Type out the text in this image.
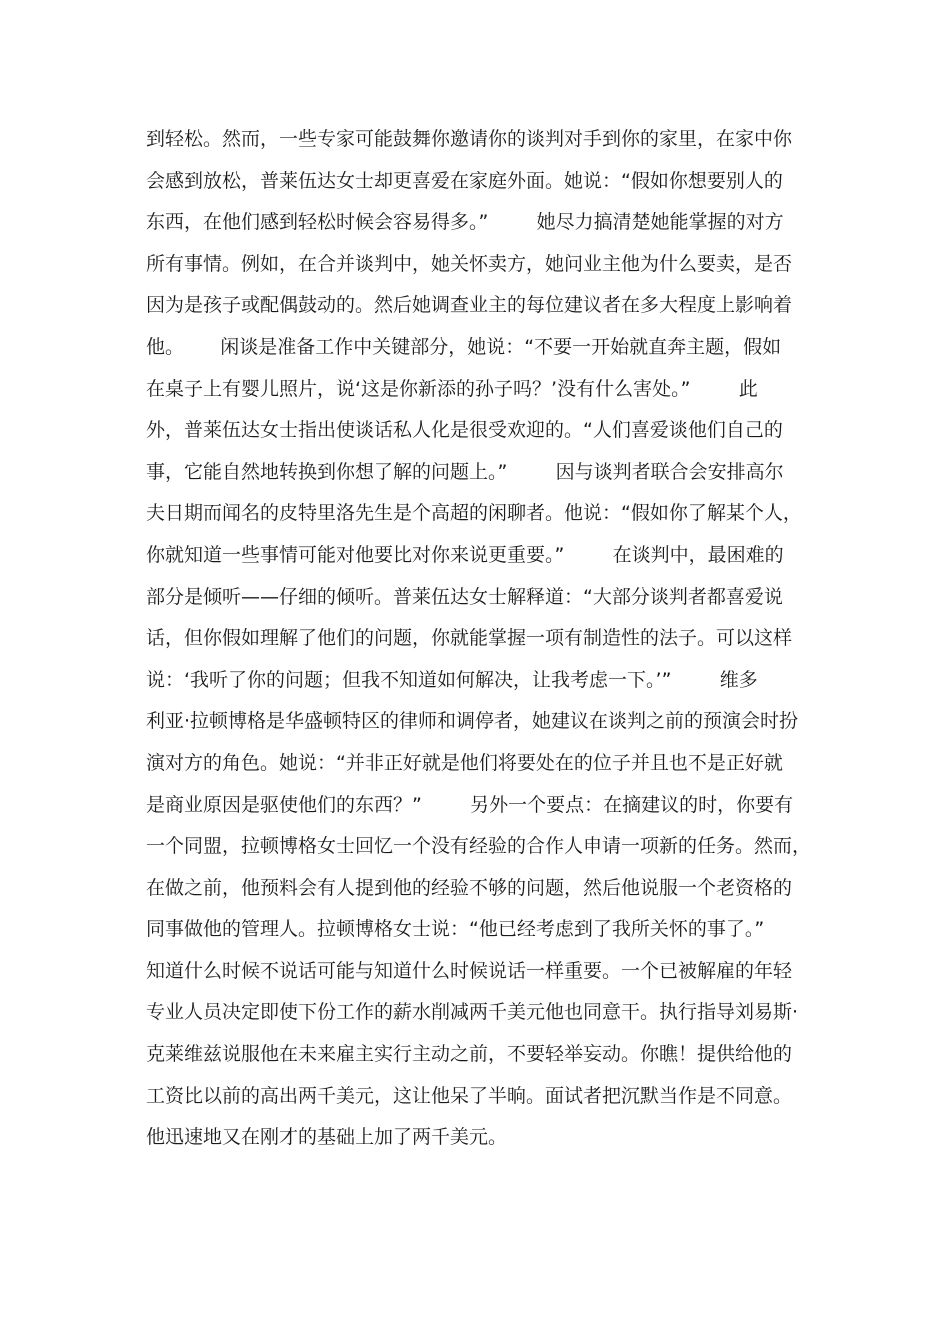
到轻松。然而，一些专家可能鼓舞你邀请你的谈判对手到你的家里，在家中你
会感到放松，普莱伍达女士却更喜爱在家庭外面。她说：“假如你想要别人的
东西，在他们感到轻松时候会容易得多。”        她尽力搞清楚她能掌握的对方
所有事情。例如，在合并谈判中，她关怀卖方，她问业主他为什么要卖，是否
因为是孩子或配偶鼓动的。然后她调查业主的每位建议者在多大程度上影响着
他。      闲谈是准备工作中关键部分，她说：“不要一开始就直奔主题，假如
在桌子上有婴儿照片，说‘这是你新添的孙子吗？’没有什么害处。”        此
外，普莱伍达女士指出使谈话私人化是很受欢迎的。“人们喜爱谈他们自己的
事，它能自然地转换到你想了解的问题上。”        因与谈判者联合会安排高尔
夫日期而闻名的皮特里洛先生是个高超的闲聊者。他说：“假如你了解某个人，
你就知道一些事情可能对他要比对你来说更重要。”        在谈判中，最困难的
部分是倾听——仔细的倾听。普莱伍达女士解释道：“大部分谈判者都喜爱说
话，但你假如理解了他们的问题，你就能掌握一项有制造性的法子。可以这样
说：‘我听了你的问题；但我不知道如何解决，让我考虑一下。’”        维多
利亚·拉顿博格是华盛顿特区的律师和调停者，她建议在谈判之前的预演会时扮
演对方的角色。她说：“并非正好就是他们将要处在的位子并且也不是正好就
是商业原因是驱使他们的东西？”        另外一个要点：在摘建议的时，你要有
一个同盟，拉顿博格女士回忆一个没有经验的合作人申请一项新的任务。然而，
在做之前，他预料会有人提到他的经验不够的问题，然后他说服一个老资格的
同事做他的管理人。拉顿博格女士说：“他已经考虑到了我所关怀的事了。”
知道什么时候不说话可能与知道什么时候说话一样重要。一个已被解雇的年轻
专业人员决定即使下份工作的薪水削减两千美元他也同意干。执行指导刘易斯·
克莱维兹说服他在未来雇主实行主动之前，不要轻举妄动。你瞧！提供给他的
工资比以前的高出两千美元，这让他呆了半晌。面试者把沉默当作是不同意。
他迅速地又在刚才的基础上加了两千美元。
